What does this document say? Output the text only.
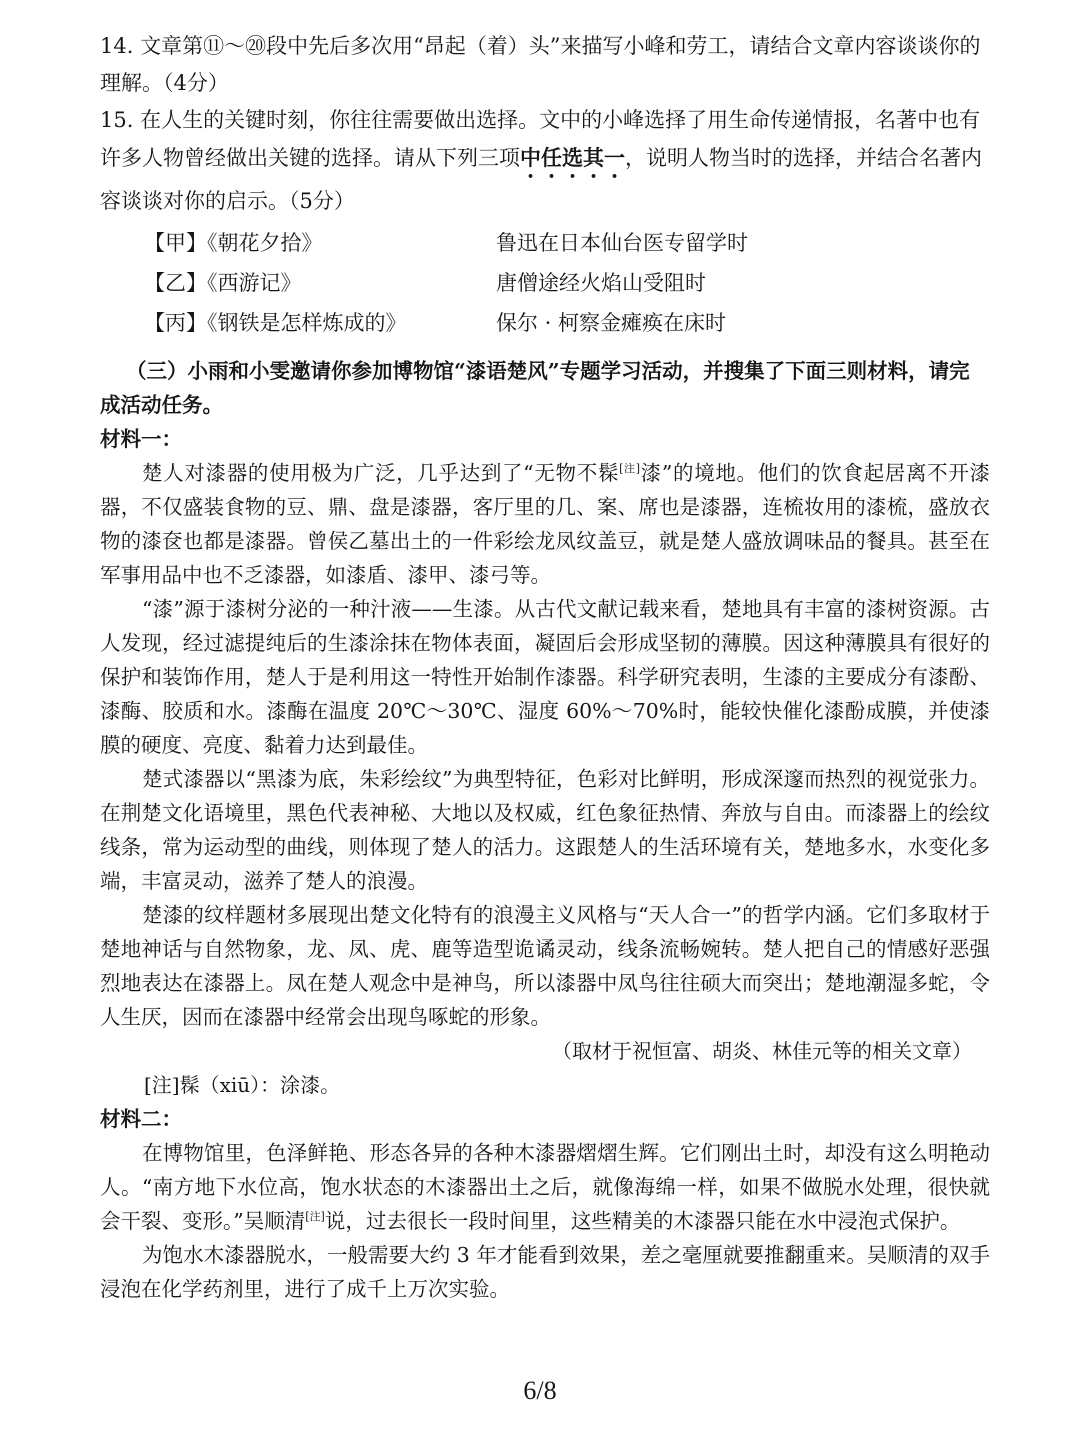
14. 文章第⑪～⑳段中先后多次用“昂起（着）头”来描写小峰和劳工，请结合文章内容谈谈你的理解。（4分）

15. 在人生的关键时刻，你往往需要做出选择。文中的小峰选择了用生命传递情报，名著中也有许多人物曾经做出关键的选择。请从下列三项中任选其一，说明人物当时的选择，并结合名著内容谈谈对你的启示。（5分）

【甲】《朝花夕拾》	鲁迅在日本仙台医专留学时
【乙】《西游记》	唐僧途经火焰山受阻时
【丙】《钢铁是怎样炼成的》	保尔 · 柯察金瘫痪在床时

（三）小雨和小雯邀请你参加博物馆“漆语楚风”专题学习活动，并搜集了下面三则材料，请完成活动任务。

材料一：

楚人对漆器的使用极为广泛，几乎达到了“无物不髹[注]漆”的境地。他们的饮食起居离不开漆器，不仅盛装食物的豆、鼎、盘是漆器，客厅里的几、案、席也是漆器，连梳妆用的漆梳，盛放衣物的漆奁也都是漆器。曾侯乙墓出土的一件彩绘龙凤纹盖豆，就是楚人盛放调味品的餐具。甚至在军事用品中也不乏漆器，如漆盾、漆甲、漆弓等。

“漆”源于漆树分泌的一种汁液——生漆。从古代文献记载来看，楚地具有丰富的漆树资源。古人发现，经过滤提纯后的生漆涂抹在物体表面，凝固后会形成坚韧的薄膜。因这种薄膜具有很好的保护和装饰作用，楚人于是利用这一特性开始制作漆器。科学研究表明，生漆的主要成分有漆酚、漆酶、胶质和水。漆酶在温度 20℃～30℃、湿度 60%～70%时，能较快催化漆酚成膜，并使漆膜的硬度、亮度、黏着力达到最佳。

楚式漆器以“黑漆为底，朱彩绘纹”为典型特征，色彩对比鲜明，形成深邃而热烈的视觉张力。在荆楚文化语境里，黑色代表神秘、大地以及权威，红色象征热情、奔放与自由。而漆器上的绘纹线条，常为运动型的曲线，则体现了楚人的活力。这跟楚人的生活环境有关，楚地多水，水变化多端，丰富灵动，滋养了楚人的浪漫。

楚漆的纹样题材多展现出楚文化特有的浪漫主义风格与“天人合一”的哲学内涵。它们多取材于楚地神话与自然物象，龙、凤、虎、鹿等造型诡谲灵动，线条流畅婉转。楚人把自己的情感好恶强烈地表达在漆器上。凤在楚人观念中是神鸟，所以漆器中凤鸟往往硕大而突出；楚地潮湿多蛇，令人生厌，因而在漆器中经常会出现鸟啄蛇的形象。

（取材于祝恒富、胡炎、林佳元等的相关文章）

[注]髹（xiū）：涂漆。

材料二：

在博物馆里，色泽鲜艳、形态各异的各种木漆器熠熠生辉。它们刚出土时，却没有这么明艳动人。“南方地下水位高，饱水状态的木漆器出土之后，就像海绵一样，如果不做脱水处理，很快就会干裂、变形。”吴顺清[注]说，过去很长一段时间里，这些精美的木漆器只能在水中浸泡式保护。

为饱水木漆器脱水，一般需要大约 3 年才能看到效果，差之毫厘就要推翻重来。吴顺清的双手浸泡在化学药剂里，进行了成千上万次实验。

6/8
